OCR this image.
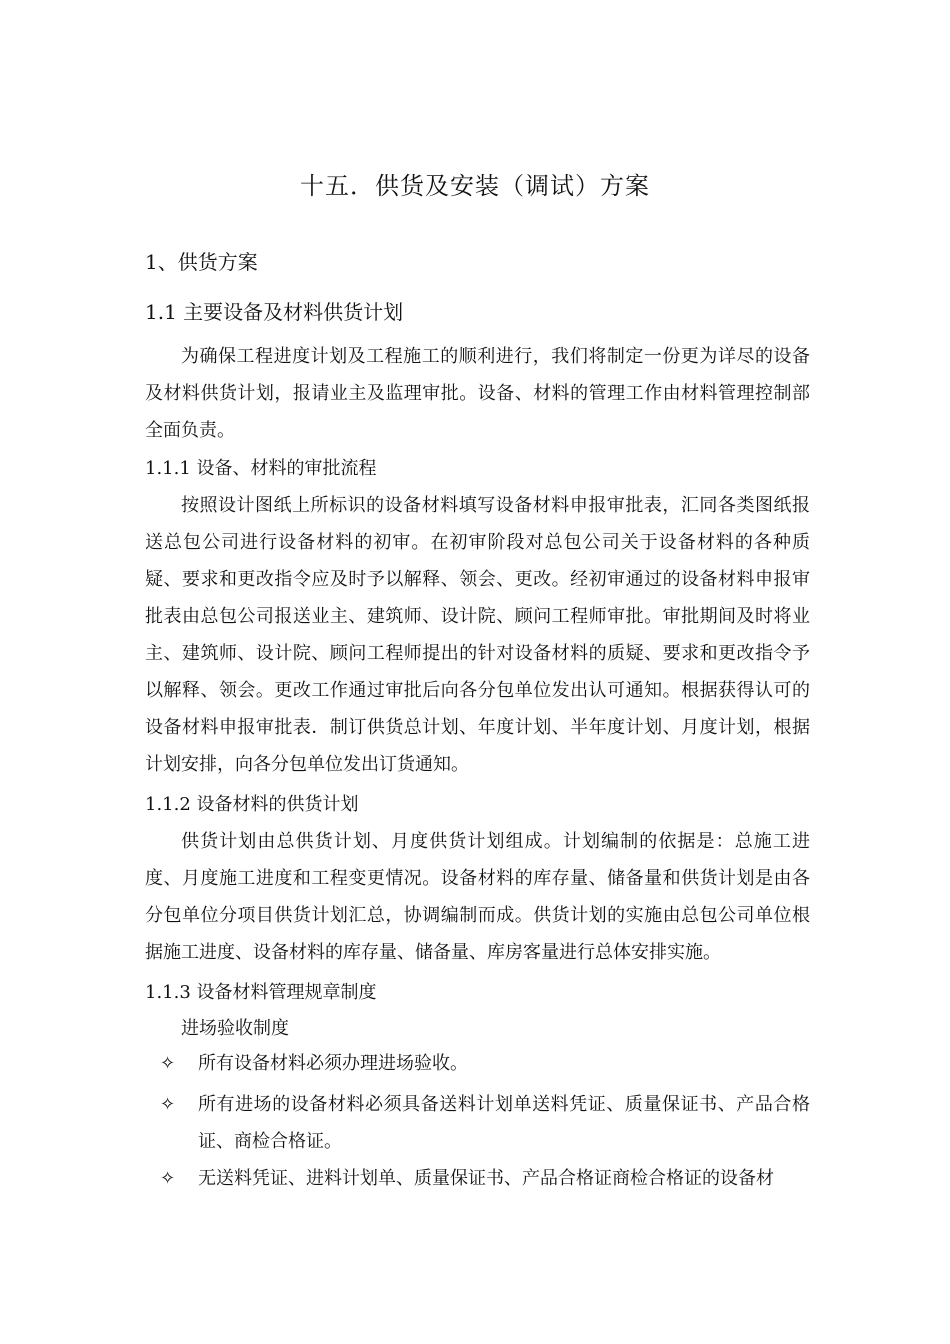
十五．供货及安装（调试）方案
1、供货方案
1.1 主要设备及材料供货计划

为确保工程进度计划及工程施工的顺利进行，我们将制定一份更为详尽的设备及材料供货计划，报请业主及监理审批。设备、材料的管理工作由材料管理控制部全面负责。

1.1.1 设备、材料的审批流程

按照设计图纸上所标识的设备材料填写设备材料申报审批表，汇同各类图纸报送总包公司进行设备材料的初审。在初审阶段对总包公司关于设备材料的各种质疑、要求和更改指令应及时予以解释、领会、更改。经初审通过的设备材料申报审批表由总包公司报送业主、建筑师、设计院、顾问工程师审批。审批期间及时将业主、建筑师、设计院、顾问工程师提出的针对设备材料的质疑、要求和更改指令予以解释、领会。更改工作通过审批后向各分包单位发出认可通知。根据获得认可的设备材料申报审批表．制订供货总计划、年度计划、半年度计划、月度计划，根据计划安排，向各分包单位发出订货通知。

1.1.2 设备材料的供货计划

供货计划由总供货计划、月度供货计划组成。计划编制的依据是：总施工进度、月度施工进度和工程变更情况。设备材料的库存量、储备量和供货计划是由各分包单位分项目供货计划汇总，协调编制而成。供货计划的实施由总包公司单位根据施工进度、设备材料的库存量、储备量、库房客量进行总体安排实施。

1.1.3 设备材料管理规章制度
进场验收制度
✧	所有设备材料必须办理进场验收。
✧	所有进场的设备材料必须具备送料计划单送料凭证、质量保证书、产品合格证、商检合格证。
✧	无送料凭证、进料计划单、质量保证书、产品合格证商检合格证的设备材
